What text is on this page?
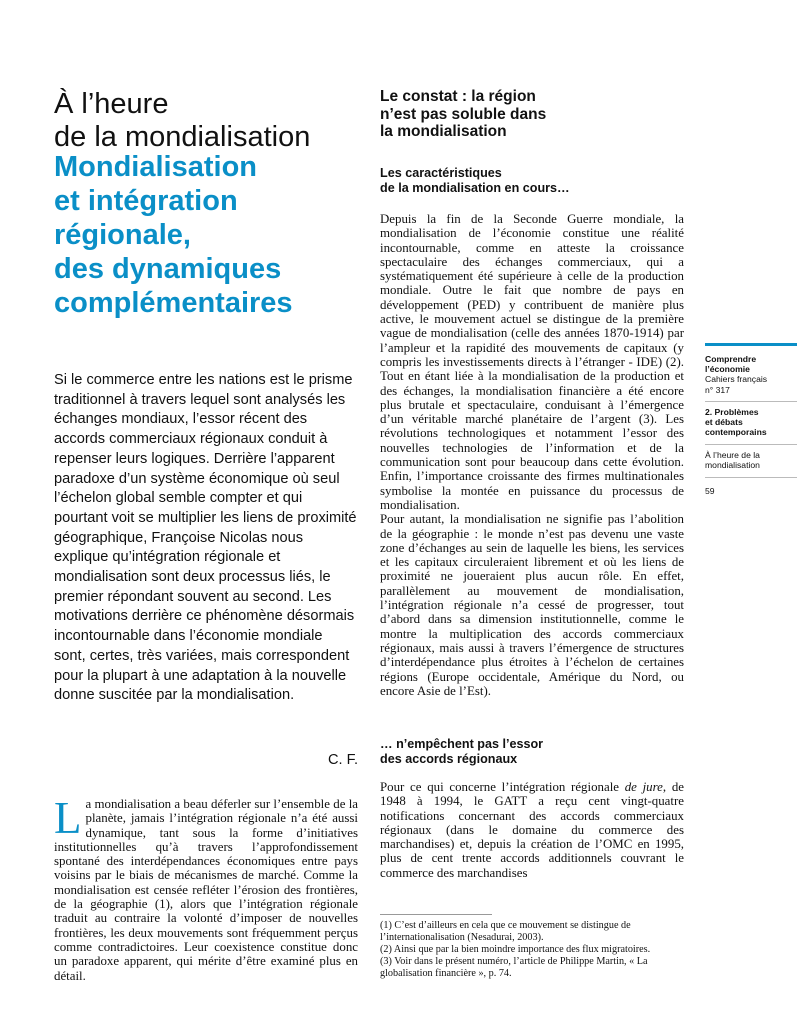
À l’heure
de la mondialisation
Mondialisation
et intégration
régionale,
des dynamiques
complémentaires

Si le commerce entre les nations est le prisme traditionnel à travers lequel sont analysés les échanges mondiaux, l’essor récent des accords commerciaux régionaux conduit à repenser leurs logiques. Derrière l’apparent paradoxe d’un système économique où seul l’échelon global semble compter et qui pourtant voit se multiplier les liens de proximité géographique, Françoise Nicolas nous explique qu’intégration régionale et mondialisation sont deux processus liés, le premier répondant souvent au second. Les motivations derrière ce phénomène désormais incontournable dans l’économie mondiale sont, certes, très variées, mais correspondent pour la plupart à une adaptation à la nouvelle donne suscitée par la mondialisation.

C. F.
La mondialisation a beau déferler sur l’ensemble de la planète, jamais l’intégration régionale n’a été aussi dynamique, tant sous la forme d’initiatives institutionnelles qu’à travers l’approfondissement spontané des interdépendances économiques entre pays voisins par le biais de mécanismes de marché. Comme la mondialisation est censée refléter l’érosion des frontières, de la géographie (1), alors que l’intégration régionale traduit au contraire la volonté d’imposer de nouvelles frontières, les deux mouvements sont fréquemment perçus comme contradictoires. Leur coexistence constitue donc un paradoxe apparent, qui mérite d’être examiné plus en détail.
Le constat : la région
n’est pas soluble dans
la mondialisation
Les caractéristiques
de la mondialisation en cours…

Depuis la fin de la Seconde Guerre mondiale, la mondialisation de l’économie constitue une réalité incontournable, comme en atteste la croissance spectaculaire des échanges commerciaux, qui a systématiquement été supérieure à celle de la production mondiale. Outre le fait que nombre de pays en développement (PED) y contribuent de manière plus active, le mouvement actuel se distingue de la première vague de mondialisation (celle des années 1870-1914) par l’ampleur et la rapidité des mouvements de capitaux (y compris les investissements directs à l’étranger - IDE) (2). Tout en étant liée à la mondialisation de la production et des échanges, la mondialisation financière a été encore plus brutale et spectaculaire, conduisant à l’émergence d’un véritable marché planétaire de l’argent (3). Les révolutions technologiques et notamment l’essor des nouvelles technologies de l’information et de la communication sont pour beaucoup dans cette évolution. Enfin, l’importance croissante des firmes multinationales symbolise la montée en puissance du processus de mondialisation.

Pour autant, la mondialisation ne signifie pas l’abolition de la géographie : le monde n’est pas devenu une vaste zone d’échanges au sein de laquelle les biens, les services et les capitaux circuleraient librement et où les liens de proximité ne joueraient plus aucun rôle. En effet, parallèlement au mouvement de mondialisation, l’intégration régionale n’a cessé de progresser, tout d’abord dans sa dimension institutionnelle, comme le montre la multiplication des accords commerciaux régionaux, mais aussi à travers l’émergence de structures d’interdépendance plus étroites à l’échelon de certaines régions (Europe occidentale, Amérique du Nord, ou encore Asie de l’Est).

… n’empêchent pas l’essor
des accords régionaux

Pour ce qui concerne l’intégration régionale de jure, de 1948 à 1994, le GATT a reçu cent vingt-quatre notifications concernant des accords commerciaux régionaux (dans le domaine du commerce des marchandises) et, depuis la création de l’OMC en 1995, plus de cent trente accords additionnels couvrant le commerce des marchandises

(1) C’est d’ailleurs en cela que ce mouvement se distingue de l’internationalisation (Nesadurai, 2003).
(2) Ainsi que par la bien moindre importance des flux migratoires.
(3) Voir dans le présent numéro, l’article de Philippe Martin, « La globalisation financière », p. 74.
Comprendre
l’économie
Cahiers français
n° 317
2. Problèmes
et débats
contemporains
À l’heure de la
mondialisation
59
